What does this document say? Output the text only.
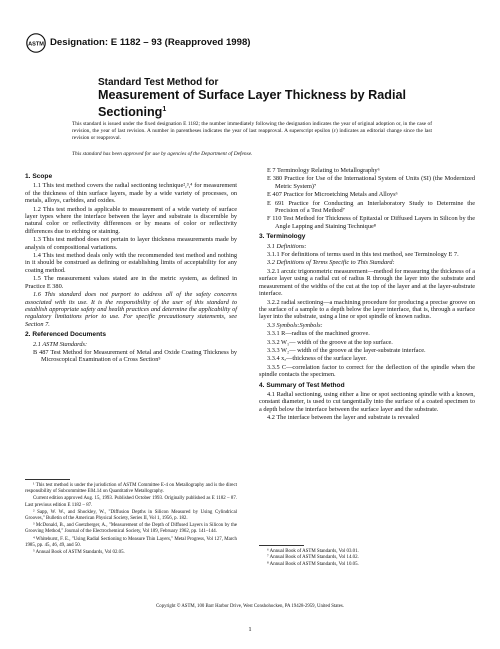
ASTM Designation: E 1182 – 93 (Reapproved 1998)
Standard Test Method for
Measurement of Surface Layer Thickness by Radial
Sectioning$^1$
This standard is issued under the fixed designation E 1182; the number immediately following the designation indicates the year of original adoption or, in the case of revision, the year of last revision. A number in parentheses indicates the year of last reapproval. A superscript epsilon (ε) indicates an editorial change since the last revision or reapproval.
This standard has been approved for use by agencies of the Department of Defense.
1. Scope

1.1 This test method covers the radial sectioning technique²,³,⁴ for measurement of the thickness of thin surface layers, made by a wide variety of processes, on metals, alloys, carbides, and oxides.

1.2 This test method is applicable to measurement of a wide variety of surface layer types where the interface between the layer and substrate is discernible by natural color or reflectivity differences or by means of color or reflectivity differences due to etching or staining.

1.3 This test method does not pertain to layer thickness measurements made by analysis of compositional variations.

1.4 This test method deals only with the recommended test method and nothing in it should be construed as defining or establishing limits of acceptability for any coating method.

1.5 The measurement values stated are in the metric system, as defined in Practice E 380.

1.6 This standard does not purport to address all of the safety concerns associated with its use. It is the responsibility of the user of this standard to establish appropriate safety and health practices and determine the applicability of regulatory limitations prior to use. For specific precautionary statements, see Section 7.

2. Referenced Documents

2.1 ASTM Standards:

B 487 Test Method for Measurement of Metal and Oxide Coating Thickness by Microscopical Examination of a Cross Section⁵

¹ This test method is under the jurisdiction of ASTM Committee E-4 on Metallography and is the direct responsibility of Subcommittee E04.14 on Quantitative Metallography.

Current edition approved Aug. 15, 1993. Published October 1993. Originally published as E 1182 – 87. Last previous edition E 1182 – 87.

² Sapp, W. W., and Shockley, W., "Diffusion Depths in Silicon Measured by Using Cylindrical Grooves," Bulletin of the American Physical Society, Series II, Vol 1, 1956, p. 182.

³ McDonald, B., and Goetzberger, A., "Measurement of the Depth of Diffused Layers in Silicon by the Grooving Method," Journal of the Electrochemical Society, Vol 109, February 1962, pp. 141–144.

⁴ Whitehurst, F. E., "Using Radial Sectioning to Measure Thin Layers," Metal Progress, Vol 127, March 1985, pp. 45, 46, 49, and 50.

⁵ Annual Book of ASTM Standards, Vol 02.05.

E 7 Terminology Relating to Metallography⁶

E 380 Practice for Use of the International System of Units (SI) (the Modernized Metric System)⁷

E 407 Practice for Microetching Metals and Alloys⁶

E 691 Practice for Conducting an Interlaboratory Study to Determine the Precision of a Test Method⁷

F 110 Test Method for Thickness of Epitaxial or Diffused Layers in Silicon by the Angle Lapping and Staining Technique⁸

3. Terminology

3.1 Definitions:

3.1.1 For definitions of terms used in this test method, see Terminology E 7.

3.2 Definitions of Terms Specific to This Standard:

3.2.1 arcuic trigonometric measurement—method for measuring the thickness of a surface layer using a radial cut of radius R through the layer into the substrate and measurement of the widths of the cut at the top of the layer and at the layer-substrate interface.

3.2.2 radial sectioning—a machining procedure for producing a precise groove on the surface of a sample to a depth below the layer interface, that is, through a surface layer into the substrate, using a line or spot spindle of known radius.

3.3 Symbols:Symbols:

3.3.1 R—radius of the machined groove.

3.3.2 W₁— width of the groove at the top surface.

3.3.3 W₂— width of the groove at the layer-substrate interface.

3.3.4 xₐ—thickness of the surface layer.

3.3.5 C—correlation factor to correct for the deflection of the spindle when the spindle contacts the specimen.

4. Summary of Test Method

4.1 Radial sectioning, using either a line or spot sectioning spindle with a known, constant diameter, is used to cut tangentially into the surface of a coated specimen to a depth below the interface between the surface layer and the substrate.

4.2 The interface between the layer and substrate is revealed

⁶ Annual Book of ASTM Standards, Vol 03.01.

⁷ Annual Book of ASTM Standards, Vol 14.02.

⁸ Annual Book of ASTM Standards, Vol 10.05.

Copyright © ASTM, 100 Barr Harbor Drive, West Conshohocken, PA 19428-2959, United States.
1
